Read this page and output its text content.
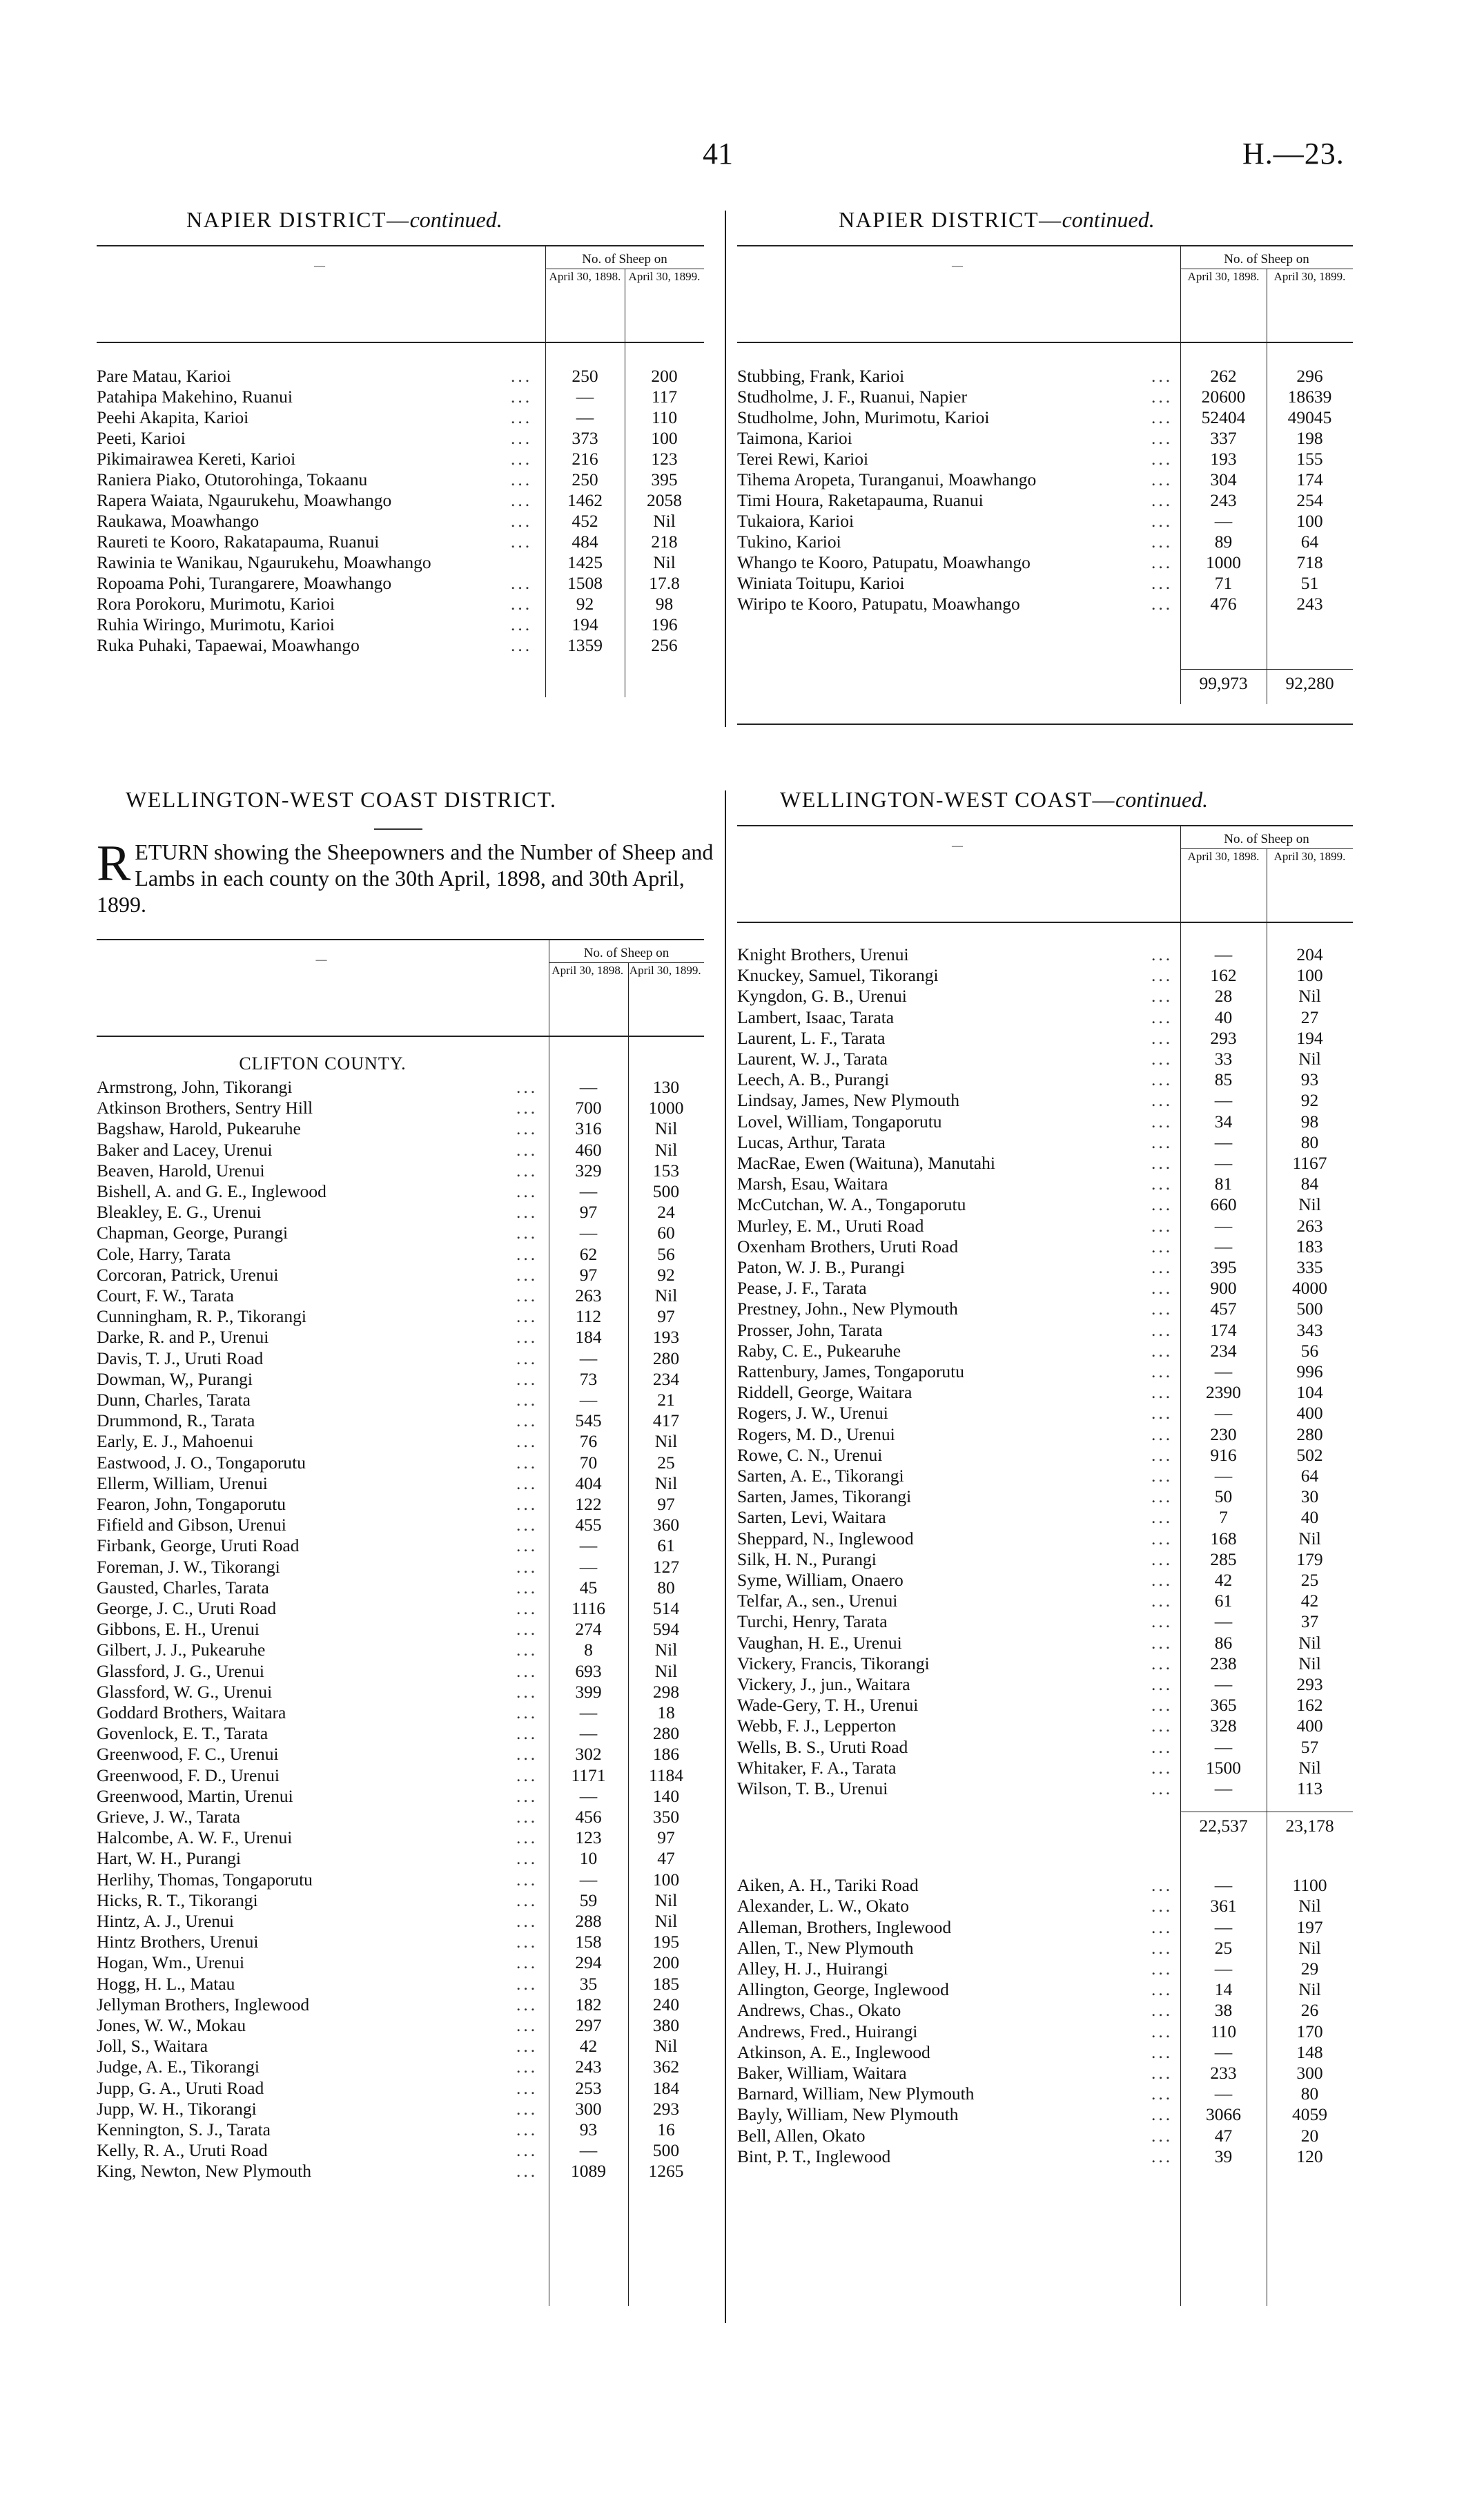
41	H.—23.
NAPIER DISTRICT—continued.
No. of Sheep on
April 30, 1898. April 30, 1899.
—
Pare Matau, Karioi	...	250	200
Patahipa Makehino, Ruanui	...	—	117
Peehi Akapita, Karioi	...	—	110
Peeti, Karioi	...	373	100
Pikimairawea Kereti, Karioi	...	216	123
Raniera Piako, Otutorohinga, Tokaanu	...	250	395
Rapera Waiata, Ngaurukehu, Moawhango	...	1462	2058
Raukawa, Moawhango	...	452	Nil
Raureti te Kooro, Rakatapauma, Ruanui	...	484	218
Rawinia te Wanikau, Ngaurukehu, Moawhango	1425	Nil
Ropoama Pohi, Turangarere, Moawhango	...	1508	17.8
Rora Porokoru, Murimotu, Karioi	...	92	98
Ruhia Wiringo, Murimotu, Karioi	...	194	196
Ruka Puhaki, Tapaewai, Moawhango	...	1359	256
NAPIER DISTRICT—continued.
No. of Sheep on
April 30, 1898.	April 30, 1899.
—
Stubbing, Frank, Karioi	...	262	296
Studholme, J. F., Ruanui, Napier	...	20600	18639
Studholme, John, Murimotu, Karioi	...	52404	49045
Taimona, Karioi	...	337	198
Terei Rewi, Karioi	...	193	155
Tihema Aropeta, Turanganui, Moawhango	...	304	174
Timi Houra, Raketapauma, Ruanui	...	243	254
Tukaiora, Karioi	...	—	100
Tukino, Karioi	...	89	64
Whango te Kooro, Patupatu, Moawhango	...	1000	718
Winiata Toitupu, Karioi	...	71	51
Wiripo te Kooro, Patupatu, Moawhango	...	476	243
99,973	92,280
WELLINGTON-WEST COAST DISTRICT.
RETURN showing the Sheepowners and the Number of Sheep and Lambs in each county on the 30th April, 1898, and 30th April, 1899.
No. of Sheep on
April 30, 1898. April 30, 1899.
—
CLIFTON COUNTY.
Armstrong, John, Tikorangi	...	—	130
Atkinson Brothers, Sentry Hill	...	700	1000
Bagshaw, Harold, Pukearuhe	...	316	Nil
Baker and Lacey, Urenui	...	460	Nil
Beaven, Harold, Urenui	...	329	153
Bishell, A. and G. E., Inglewood	...	—	500
Bleakley, E. G., Urenui	...	97	24
Chapman, George, Purangi	...	—	60
Cole, Harry, Tarata	...	62	56
Corcoran, Patrick, Urenui	...	97	92
Court, F. W., Tarata	...	263	Nil
Cunningham, R. P., Tikorangi	...	112	97
Darke, R. and P., Urenui	...	184	193
Davis, T. J., Uruti Road	...	—	280
Dowman, W,, Purangi	...	73	234
Dunn, Charles, Tarata	...	—	21
Drummond, R., Tarata	...	545	417
Early, E. J., Mahoenui	...	76	Nil
Eastwood, J. O., Tongaporutu	...	70	25
Ellerm, William, Urenui	...	404	Nil
Fearon, John, Tongaporutu	...	122	97
Fifield and Gibson, Urenui	...	455	360
Firbank, George, Uruti Road	...	—	61
Foreman, J. W., Tikorangi	...	—	127
Gausted, Charles, Tarata	...	45	80
George, J. C., Uruti Road	...	1116	514
Gibbons, E. H., Urenui	...	274	594
Gilbert, J. J., Pukearuhe	...	8	Nil
Glassford, J. G., Urenui	...	693	Nil
Glassford, W. G., Urenui	...	399	298
Goddard Brothers, Waitara	...	—	18
Govenlock, E. T., Tarata	...	—	280
Greenwood, F. C., Urenui	...	302	186
Greenwood, F. D., Urenui	...	1171	1184
Greenwood, Martin, Urenui	...	—	140
Grieve, J. W., Tarata	...	456	350
Halcombe, A. W. F., Urenui	...	123	97
Hart, W. H., Purangi	...	10	47
Herlihy, Thomas, Tongaporutu	...	—	100
Hicks, R. T., Tikorangi	...	59	Nil
Hintz, A. J., Urenui	...	288	Nil
Hintz Brothers, Urenui	...	158	195
Hogan, Wm., Urenui	...	294	200
Hogg, H. L., Matau	...	35	185
Jellyman Brothers, Inglewood	...	182	240
Jones, W. W., Mokau	...	297	380
Joll, S., Waitara	...	42	Nil
Judge, A. E., Tikorangi	...	243	362
Jupp, G. A., Uruti Road	...	253	184
Jupp, W. H., Tikorangi	...	300	293
Kennington, S. J., Tarata	...	93	16
Kelly, R. A., Uruti Road	...	—	500
King, Newton, New Plymouth	...	1089	1265
WELLINGTON-WEST COAST—continued.
No. of Sheep on
April 30, 1898.	April 30, 1899.
—
Knight Brothers, Urenui	...	—	204
Knuckey, Samuel, Tikorangi	...	162	100
Kyngdon, G. B., Urenui	...	28	Nil
Lambert, Isaac, Tarata	...	40	27
Laurent, L. F., Tarata	...	293	194
Laurent, W. J., Tarata	...	33	Nil
Leech, A. B., Purangi	...	85	93
Lindsay, James, New Plymouth	...	—	92
Lovel, William, Tongaporutu	...	34	98
Lucas, Arthur, Tarata	...	—	80
MacRae, Ewen (Waituna), Manutahi	...	—	1167
Marsh, Esau, Waitara	...	81	84
McCutchan, W. A., Tongaporutu	...	660	Nil
Murley, E. M., Uruti Road	...	—	263
Oxenham Brothers, Uruti Road	...	—	183
Paton, W. J. B., Purangi	...	395	335
Pease, J. F., Tarata	...	900	4000
Prestney, John., New Plymouth	...	457	500
Prosser, John, Tarata	...	174	343
Raby, C. E., Pukearuhe	...	234	56
Rattenbury, James, Tongaporutu	...	—	996
Riddell, George, Waitara	...	2390	104
Rogers, J. W., Urenui	...	—	400
Rogers, M. D., Urenui	...	230	280
Rowe, C. N., Urenui	...	916	502
Sarten, A. E., Tikorangi	...	—	64
Sarten, James, Tikorangi	...	50	30
Sarten, Levi, Waitara	...	7	40
Sheppard, N., Inglewood	...	168	Nil
Silk, H. N., Purangi	...	285	179
Syme, William, Onaero	...	42	25
Telfar, A., sen., Urenui	...	61	42
Turchi, Henry, Tarata	...	—	37
Vaughan, H. E., Urenui	...	86	Nil
Vickery, Francis, Tikorangi	...	238	Nil
Vickery, J., jun., Waitara	...	—	293
Wade-Gery, T. H., Urenui	...	365	162
Webb, F. J., Lepperton	...	328	400
Wells, B. S., Uruti Road	...	—	57
Whitaker, F. A., Tarata	...	1500	Nil
Wilson, T. B., Urenui	...	—	113
22,537	23,178
Aiken, A. H., Tariki Road	...	—	1100
Alexander, L. W., Okato	...	361	Nil
Alleman, Brothers, Inglewood	...	—	197
Allen, T., New Plymouth	...	25	Nil
Alley, H. J., Huirangi	...	—	29
Allington, George, Inglewood	...	14	Nil
Andrews, Chas., Okato	...	38	26
Andrews, Fred., Huirangi	...	110	170
Atkinson, A. E., Inglewood	...	—	148
Baker, William, Waitara	...	233	300
Barnard, William, New Plymouth	...	—	80
Bayly, William, New Plymouth	...	3066	4059
Bell, Allen, Okato	...	47	20
Bint, P. T., Inglewood	...	39	120
